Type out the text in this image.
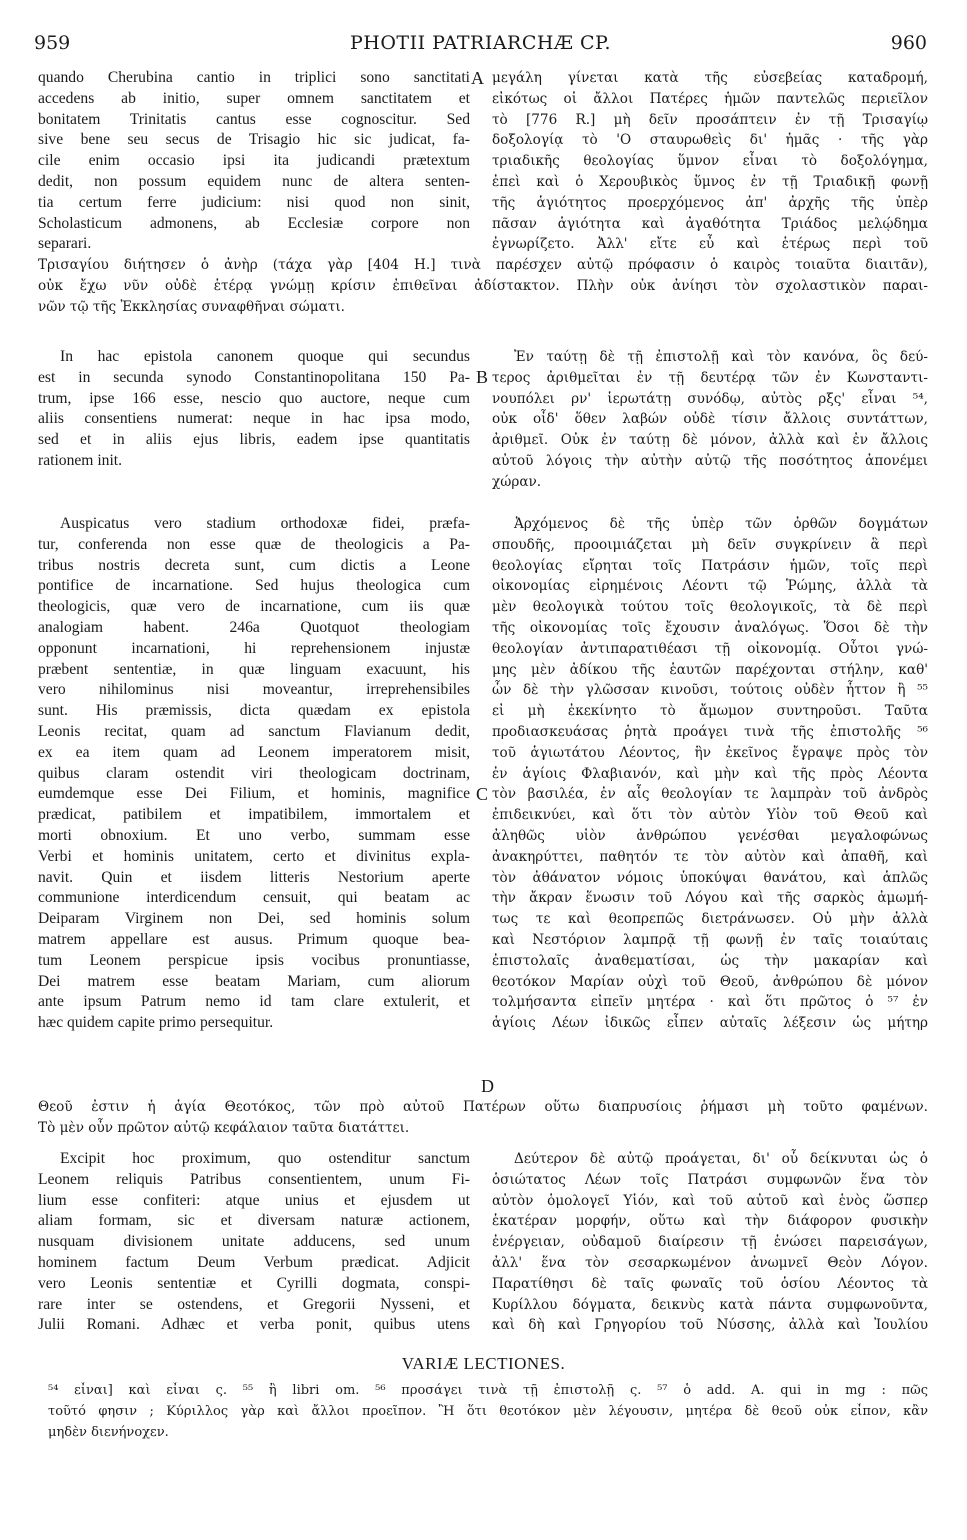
959	PHOTII PATRIARCHÆ CP.	960
A
B
C
D
quando Cherubina cantio in triplici sono sanctitati
accedens ab initio, super omnem sanctitatem et
bonitatem Trinitatis cantus esse cognoscitur. Sed
sive bene seu secus de Trisagio hic sic judicat, fa-
cile enim occasio ipsi ita judicandi prætextum
dedit, non possum equidem nunc de altera senten-
tia certum ferre judicium: nisi quod non sinit,
Scholasticum admonens, ab Ecclesiæ corpore non
separari.
μεγάλη γίνεται κατὰ τῆς εὐσεβείας καταδρομή,
εἰκότως οἱ ἄλλοι Πατέρες ἡμῶν παντελῶς περιεῖλον
τὸ [776 R.] μὴ δεῖν προσάπτειν ἐν τῇ Τρισαγίῳ
δοξολογίᾳ τὸ 'Ο σταυρωθεὶς δι' ἡμᾶς · τῆς γὰρ
τριαδικῆς θεολογίας ὕμνον εἶναι τὸ δοξολόγημα,
ἐπεὶ καὶ ὁ Χερουβικὸς ὕμνος ἐν τῇ Τριαδικῇ φωνῇ
τῆς ἁγιότητος προερχόμενος ἀπ' ἀρχῆς τῆς ὑπὲρ
πᾶσαν ἁγιότητα καὶ ἀγαθότητα Τριάδος μελῴδημα
ἐγνωρίζετο. Ἀλλ' εἴτε εὖ καὶ ἑτέρως περὶ τοῦ
Τρισαγίου διήτησεν ὁ ἀνὴρ (τάχα γὰρ [404 H.] τινὰ παρέσχεν αὐτῷ πρόφασιν ὁ καιρὸς τοιαῦτα διαιτᾶν),
οὐκ ἔχω νῦν οὐδὲ ἑτέρᾳ γνώμῃ κρίσιν ἐπιθεῖναι ἀδίστακτον. Πλὴν οὐκ ἀνίησι τὸν σχολαστικὸν παραι-
νῶν τῷ τῆς Ἐκκλησίας συναφθῆναι σώματι.
In hac epistola canonem quoque qui secundus
est in secunda synodo Constantinopolitana 150 Pa-
trum, ipse 166 esse, nescio quo auctore, neque cum
aliis consentiens numerat: neque in hac ipsa modo,
sed et in aliis ejus libris, eadem ipse quantitatis
rationem init.
Ἐν ταύτῃ δὲ τῇ ἐπιστολῇ καὶ τὸν κανόνα, ὃς δεύ-
τερος ἀριθμεῖται ἐν τῇ δευτέρᾳ τῶν ἐν Κωνσταντι-
νουπόλει ρν' ἱερωτάτῃ συνόδῳ, αὐτὸς ρξς' εἶναι ⁵⁴,
οὐκ οἶδ' ὅθεν λαβών οὐδὲ τίσιν ἄλλοις συντάττων,
ἀριθμεῖ. Οὐκ ἐν ταύτῃ δὲ μόνον, ἀλλὰ καὶ ἐν ἄλλοις
αὐτοῦ λόγοις τὴν αὐτὴν αὐτῷ τῆς ποσότητος ἀπονέμει
χώραν.
Auspicatus vero stadium orthodoxæ fidei, præfa-
tur, conferenda non esse quæ de theologicis a Pa-
tribus nostris decreta sunt, cum dictis a Leone
pontifice de incarnatione. Sed hujus theologica cum
theologicis, quæ vero de incarnatione, cum iis quæ
analogiam habent. 246a Quotquot theologiam
opponunt incarnationi, hi reprehensionem injustæ
præbent sententiæ, in quæ linguam exacuunt, his
vero nihilominus nisi moveantur, irreprehensibiles
sunt. His præmissis, dicta quædam ex epistola
Leonis recitat, quam ad sanctum Flavianum dedit,
ex ea item quam ad Leonem imperatorem misit,
quibus claram ostendit viri theologicam doctrinam,
eumdemque esse Dei Filium, et hominis, magnifice
prædicat, patibilem et impatibilem, immortalem et
morti obnoxium. Et uno verbo, summam esse
Verbi et hominis unitatem, certo et divinitus expla-
navit. Quin et iisdem litteris Nestorium aperte
communione interdicendum censuit, qui beatam ac
Deiparam Virginem non Dei, sed hominis solum
matrem appellare est ausus. Primum quoque bea-
tum Leonem perspicue ipsis vocibus pronuntiasse,
Dei matrem esse beatam Mariam, cum aliorum
ante ipsum Patrum nemo id tam clare extulerit, et
hæc quidem capite primo persequitur.
Ἀρχόμενος δὲ τῆς ὑπὲρ τῶν ὀρθῶν δογμάτων
σπουδῆς, προοιμιάζεται μὴ δεῖν συγκρίνειν ἃ περὶ
θεολογίας εἴρηται τοῖς Πατράσιν ἡμῶν, τοῖς περὶ
οἰκονομίας εἰρημένοις Λέοντι τῷ Ῥώμης, ἀλλὰ τὰ
μὲν θεολογικὰ τούτου τοῖς θεολογικοῖς, τὰ δὲ περὶ
τῆς οἰκονομίας τοῖς ἔχουσιν ἀναλόγως. Ὅσοι δὲ τὴν
θεολογίαν ἀντιπαρατιθέασι τῇ οἰκονομίᾳ. Οὗτοι γνώ-
μης μὲν ἀδίκου τῆς ἑαυτῶν παρέχονται στήλην, καθ'
ὧν δὲ τὴν γλῶσσαν κινοῦσι, τούτοις οὐδὲν ἧττον ἢ ⁵⁵
εἰ μὴ ἐκεκίνητο τὸ ἄμωμον συντηροῦσι. Ταῦτα
προδιασκευάσας ῥητὰ προάγει τινὰ τῆς ἐπιστολῆς ⁵⁶
τοῦ ἁγιωτάτου Λέοντος, ἣν ἐκεῖνος ἔγραψε πρὸς τὸν
ἐν ἁγίοις Φλαβιανόν, καὶ μὴν καὶ τῆς πρὸς Λέοντα
τὸν βασιλέα, ἐν αἷς θεολογίαν τε λαμπρὰν τοῦ ἀνδρὸς
ἐπιδεικνύει, καὶ ὅτι τὸν αὐτὸν Υἱὸν τοῦ Θεοῦ καὶ
ἀληθῶς υἱὸν ἀνθρώπου γενέσθαι μεγαλοφώνως
ἀνακηρύττει, παθητόν τε τὸν αὐτὸν καὶ ἀπαθῆ, καὶ
τὸν ἀθάνατον νόμοις ὑποκύψαι θανάτου, καὶ ἁπλῶς
τὴν ἄκραν ἕνωσιν τοῦ Λόγου καὶ τῆς σαρκὸς ἀμωμή-
τως τε καὶ θεοπρεπῶς διετράνωσεν. Οὐ μὴν ἀλλὰ
καὶ Νεστόριον λαμπρᾷ τῇ φωνῇ ἐν ταῖς τοιαύταις
ἐπιστολαῖς ἀναθεματίσαι, ὡς τὴν μακαρίαν καὶ
θεοτόκον Μαρίαν οὐχὶ τοῦ Θεοῦ, ἀνθρώπου δὲ μόνον
τολμήσαντα εἰπεῖν μητέρα · καὶ ὅτι πρῶτος ὁ ⁵⁷ ἐν
ἁγίοις Λέων ἰδικῶς εἶπεν αὐταῖς λέξεσιν ὡς μήτηρ
Θεοῦ ἐστιν ἡ ἁγία Θεοτόκος, τῶν πρὸ αὐτοῦ Πατέρων οὕτω διαπρυσίοις ῥήμασι μὴ τοῦτο φαμένων.
Τὸ μὲν οὖν πρῶτον αὐτῷ κεφάλαιον ταῦτα διατάττει.
Excipit hoc proximum, quo ostenditur sanctum
Leonem reliquis Patribus consentientem, unum Fi-
lium esse confiteri: atque unius et ejusdem ut
aliam formam, sic et diversam naturæ actionem,
nusquam divisionem unitate adducens, sed unum
hominem factum Deum Verbum prædicat. Adjicit
vero Leonis sententiæ et Cyrilli dogmata, conspi-
rare inter se ostendens, et Gregorii Nysseni, et
Julii Romani. Adhæc et verba ponit, quibus utens
Δεύτερον δὲ αὐτῷ προάγεται, δι' οὗ δείκνυται ὡς ὁ
ὁσιώτατος Λέων τοῖς Πατράσι συμφωνῶν ἕνα τὸν
αὐτὸν ὁμολογεῖ Υἱόν, καὶ τοῦ αὐτοῦ καὶ ἑνὸς ὥσπερ
ἑκατέραν μορφήν, οὕτω καὶ τὴν διάφορον φυσικὴν
ἐνέργειαν, οὐδαμοῦ διαίρεσιν τῇ ἑνώσει παρεισάγων,
ἀλλ' ἕνα τὸν σεσαρκωμένον ἀνωμνεῖ Θεὸν Λόγον.
Παρατίθησι δὲ ταῖς φωναῖς τοῦ ὁσίου Λέοντος τὰ
Κυρίλλου δόγματα, δεικνὺς κατὰ πάντα συμφωνοῦντα,
καὶ δὴ καὶ Γρηγορίου τοῦ Νύσσης, ἀλλὰ καὶ Ἰουλίου
VARIÆ LECTIONES.
⁵⁴ εἶναι] καὶ εἶναι ς. ⁵⁵ ἢ libri om. ⁵⁶ προσάγει τινὰ τῇ ἐπιστολῇ ς. ⁵⁷ ὁ add. A. qui in mg : πῶς
τοῦτό φησιν ; Κύριλλος γὰρ καὶ ἄλλοι προεῖπον. Ἢ ὅτι θεοτόκον μὲν λέγουσιν, μητέρα δὲ θεοῦ οὐκ εἶπον, κἂν
μηδὲν διενήνοχεν.
